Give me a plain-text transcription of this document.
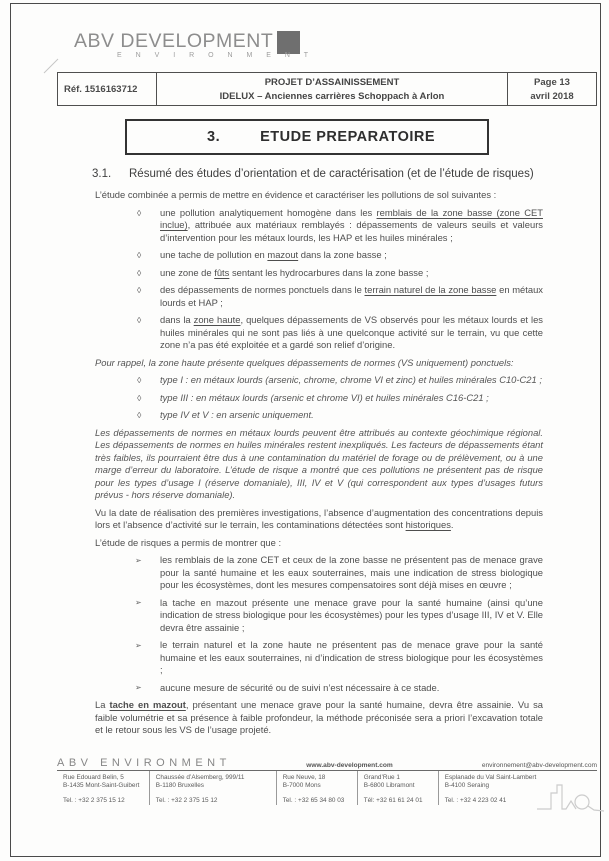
ABV DEVELOPMENT
E N V I R O N M E N T
Réf. 1516163712
PROJET D’ASSAINISSEMENT
IDELUX – Anciennes carrières Schoppach à Arlon
Page 13
avril 2018
3.	ETUDE PREPARATOIRE
3.1.	Résumé des études d’orientation et de caractérisation (et de l’étude de risques)

L’étude combinée a permis de mettre en évidence et caractériser les pollutions de sol suivantes :

◊ une pollution analytiquement homogène dans les remblais de la zone basse (zone CET inclue), attribuée aux matériaux remblayés : dépassements de valeurs seuils et valeurs d’intervention pour les métaux lourds, les HAP et les huiles minérales ;
◊ une tache de pollution en mazout dans la zone basse ;
◊ une zone de fûts sentant les hydrocarbures dans la zone basse ;
◊ des dépassements de normes ponctuels dans le terrain naturel de la zone basse en métaux lourds et HAP ;
◊ dans la zone haute, quelques dépassements de VS observés pour les métaux lourds et les huiles minérales qui ne sont pas liés à une quelconque activité sur le terrain, vu que cette zone n’a pas été exploitée et a gardé son relief d’origine.

Pour rappel, la zone haute présente quelques dépassements de normes (VS uniquement) ponctuels:

◊ type I : en métaux lourds (arsenic, chrome, chrome VI et zinc) et huiles minérales C10-C21 ;
◊ type III : en métaux lourds (arsenic et chrome VI) et huiles minérales C16-C21 ;
◊ type IV et V : en arsenic uniquement.

Les dépassements de normes en métaux lourds peuvent être attribués au contexte géochimique régional. Les dépassements de normes en huiles minérales restent inexpliqués. Les facteurs de dépassements étant très faibles, ils pourraient être dus à une contamination du matériel de forage ou de prélèvement, ou à une marge d’erreur du laboratoire. L’étude de risque a montré que ces pollutions ne présentent pas de risque pour les types d’usage I (réserve domaniale), III, IV et V (qui correspondent aux types d’usages futurs prévus - hors réserve domaniale).

Vu la date de réalisation des premières investigations, l’absence d’augmentation des concentrations depuis lors et l’absence d’activité sur le terrain, les contaminations détectées sont historiques.

L’étude de risques a permis de montrer que :

➢ les remblais de la zone CET et ceux de la zone basse ne présentent pas de menace grave pour la santé humaine et les eaux souterraines, mais une indication de stress biologique pour les écosystèmes, dont les mesures compensatoires sont déjà mises en œuvre ;
➢ la tache en mazout présente une menace grave pour la santé humaine (ainsi qu’une indication de stress biologique pour les écosystèmes) pour les types d’usage III, IV et V. Elle devra être assainie ;
➢ le terrain naturel et la zone haute ne présentent pas de menace grave pour la santé humaine et les eaux souterraines, ni d’indication de stress biologique pour les écosystèmes ;
➢ aucune mesure de sécurité ou de suivi n’est nécessaire à ce stade.

La tache en mazout, présentant une menace grave pour la santé humaine, devra être assainie. Vu sa faible volumétrie et sa présence à faible profondeur, la méthode préconisée sera a priori l’excavation totale et le retour sous les VS de l’usage projeté.

ABV ENVIRONMENT	www.abv-development.com	environnement@abv-development.com
Rue Edouard Belin, 5
B-1435 Mont-Saint-Guibert
Tel. : +32 2 375 15 12
Chaussée d’Alsemberg, 999/11
B-1180 Bruxelles
Tel. : +32 2 375 15 12
Rue Neuve, 18
B-7000 Mons
Tel. : +32 65 34 80 03
Grand’Rue 1
B-6800 Libramont
Tél: +32 61 61 24 01
Esplanade du Val Saint-Lambert
B-4100 Seraing
Tel. : +32 4 223 02 41
